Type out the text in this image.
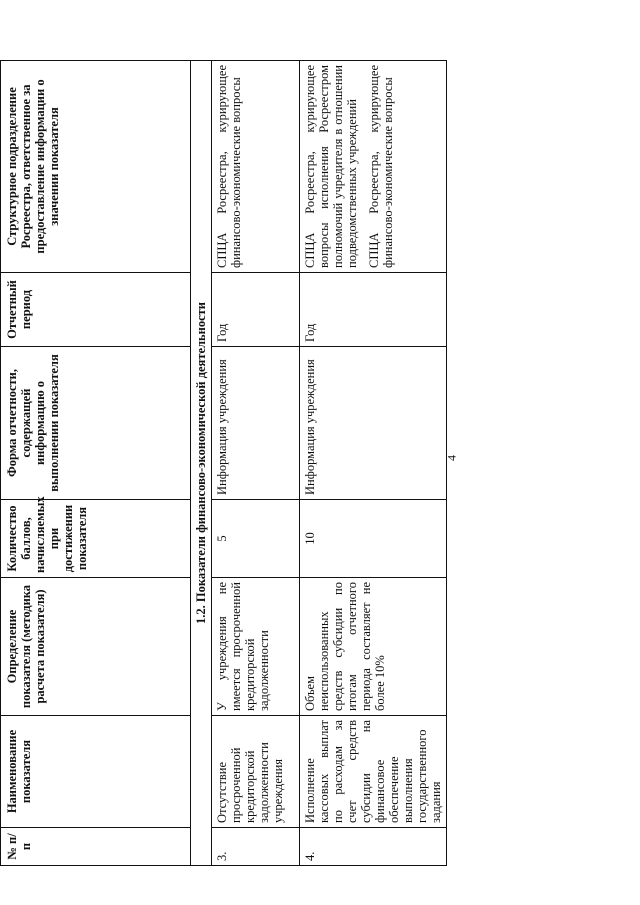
4
№ п/п	Наименование показателя	Определение показателя (методика расчета показателя)	Количество баллов, начисляемых при достижении показателя	Форма отчетности, содержащей информацию о выполнении показателя	Отчетный период	Структурное подразделение Росреестра, ответственное за предоставление информации о значении показателя
1.2. Показатели финансово-экономической деятельности						
3.	Отсутствие просроченной кредиторской задолженности учреждения	У учреждения не имеется просроченной кредиторской задолженности	5	Информация учреждения	Год	СПЦА Росреестра, курирующее финансово-экономические вопросы

4.	Исполнение кассовых выплат по расходам за счет средств субсидии на финансовое обеспечение выполнения государственного задания	Объем неиспользованных средств субсидии по итогам отчетного периода составляет не более 10%	10	Информация учреждения	Год	СПЦА Росреестра, курирующее вопросы исполнения Росреестром полномочий учредителя в отношении подведомственных учреждений СПЦА Росреестра, курирующее финансово-экономические вопросы
